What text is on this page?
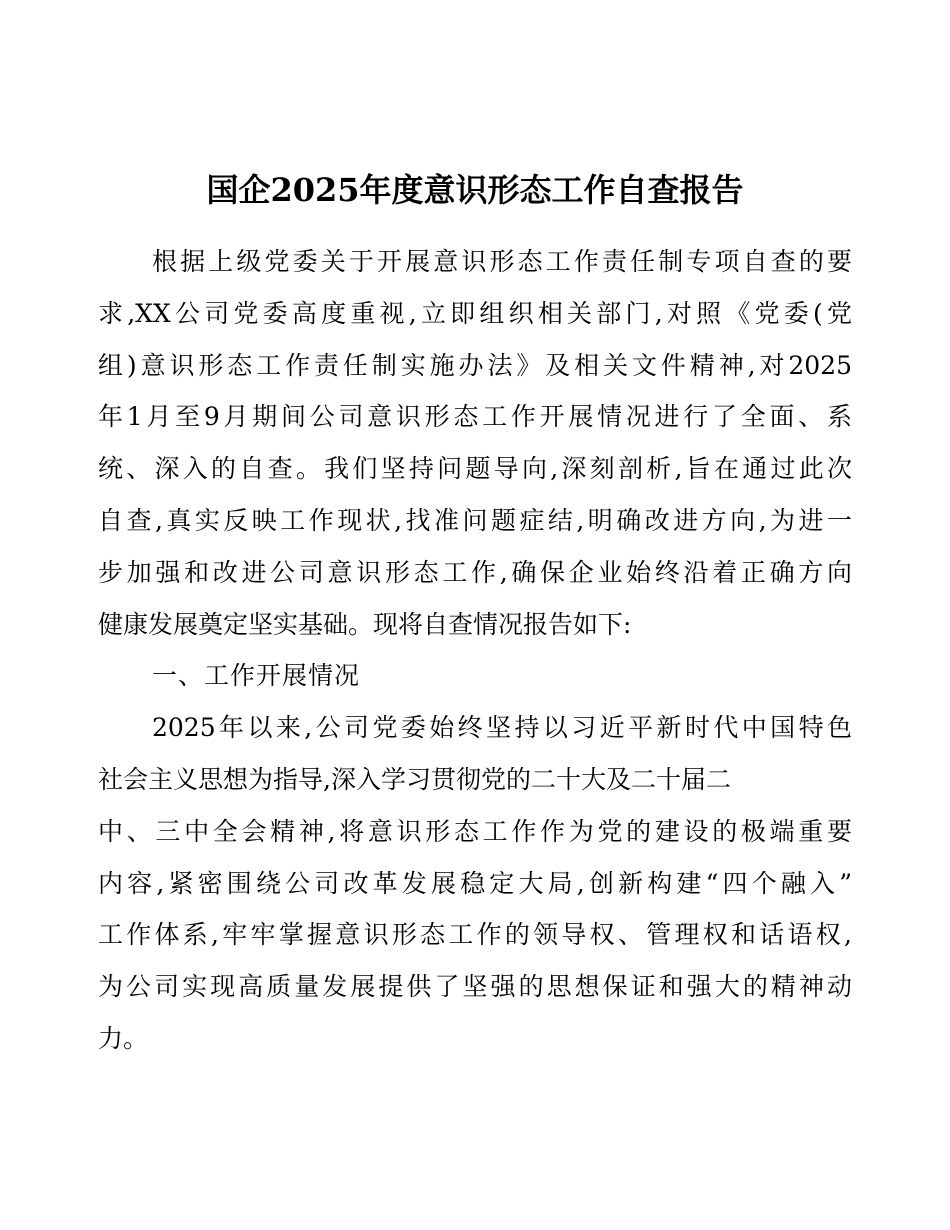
国企2025年度意识形态工作自查报告
根据上级党委关于开展意识形态工作责任制专项自查的要
求,XX公司党委高度重视,立即组织相关部门,对照《党委(党
组)意识形态工作责任制实施办法》及相关文件精神,对2025
年1月至9月期间公司意识形态工作开展情况进行了全面、系
统、深入的自查。我们坚持问题导向,深刻剖析,旨在通过此次
自查,真实反映工作现状,找准问题症结,明确改进方向,为进一
步加强和改进公司意识形态工作,确保企业始终沿着正确方向
健康发展奠定坚实基础。现将自查情况报告如下:
一、工作开展情况
2025年以来,公司党委始终坚持以习近平新时代中国特色
社会主义思想为指导,深入学习贯彻党的二十大及二十届二
中、三中全会精神,将意识形态工作作为党的建设的极端重要
内容,紧密围绕公司改革发展稳定大局,创新构建“四个融入”
工作体系,牢牢掌握意识形态工作的领导权、管理权和话语权,
为公司实现高质量发展提供了坚强的思想保证和强大的精神动
力。
